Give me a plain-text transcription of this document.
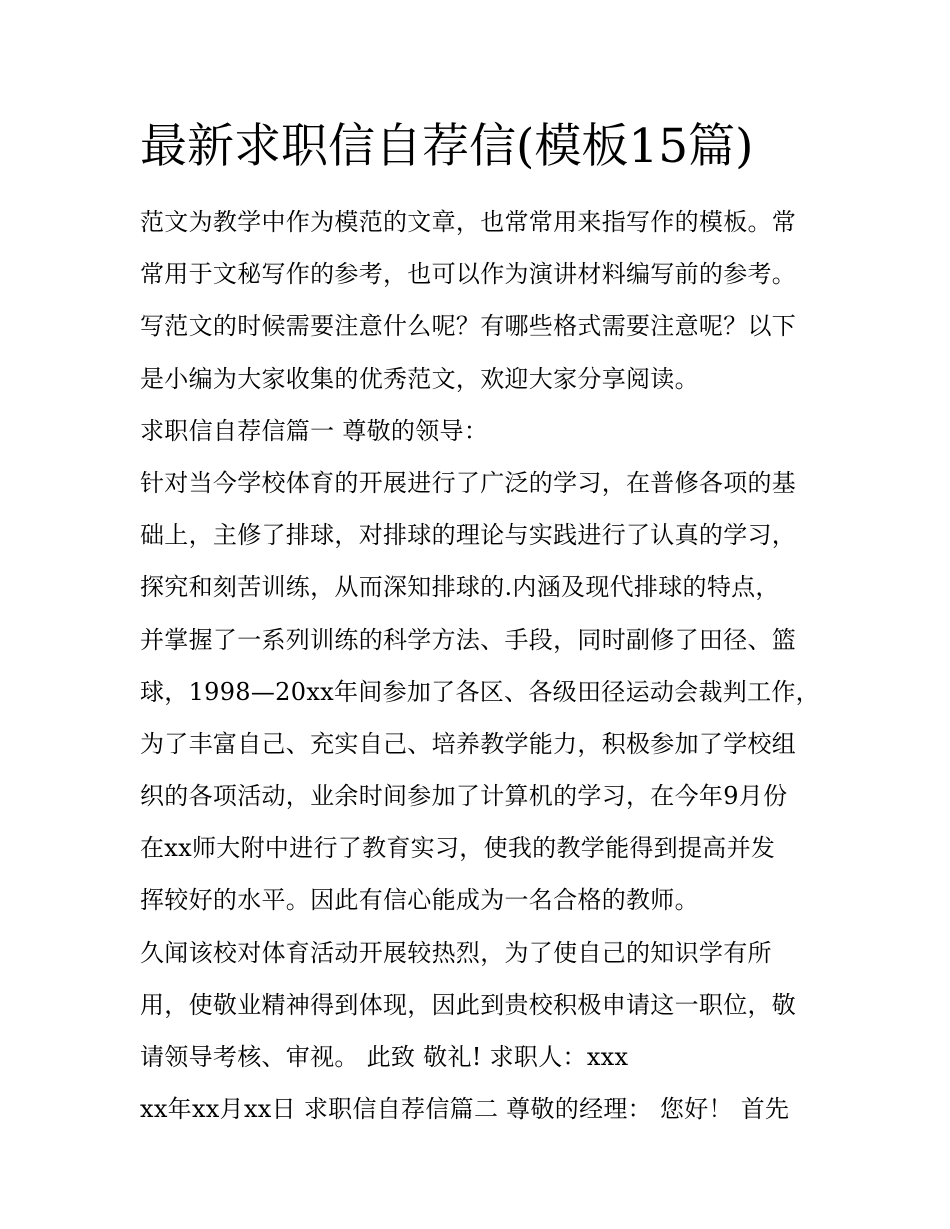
最新求职信自荐信(模板15篇)
范文为教学中作为模范的文章，也常常用来指写作的模板。常
常用于文秘写作的参考，也可以作为演讲材料编写前的参考。
写范文的时候需要注意什么呢？有哪些格式需要注意呢？以下
是小编为大家收集的优秀范文，欢迎大家分享阅读。
求职信自荐信篇一 尊敬的领导：
针对当今学校体育的开展进行了广泛的学习，在普修各项的基
础上，主修了排球，对排球的理论与实践进行了认真的学习，
探究和刻苦训练，从而深知排球的.内涵及现代排球的特点，
并掌握了一系列训练的科学方法、手段，同时副修了田径、篮
球，1998—20xx年间参加了各区、各级田径运动会裁判工作，
为了丰富自己、充实自己、培养教学能力，积极参加了学校组
织的各项活动，业余时间参加了计算机的学习，在今年9月份
在xx师大附中进行了教育实习，使我的教学能得到提高并发
挥较好的水平。因此有信心能成为一名合格的教师。
久闻该校对体育活动开展较热烈，为了使自己的知识学有所
用，使敬业精神得到体现，因此到贵校积极申请这一职位，敬
请领导考核、审视。 此致 敬礼! 求职人：xxx
xx年xx月xx日 求职信自荐信篇二 尊敬的经理： 您好！ 首先
